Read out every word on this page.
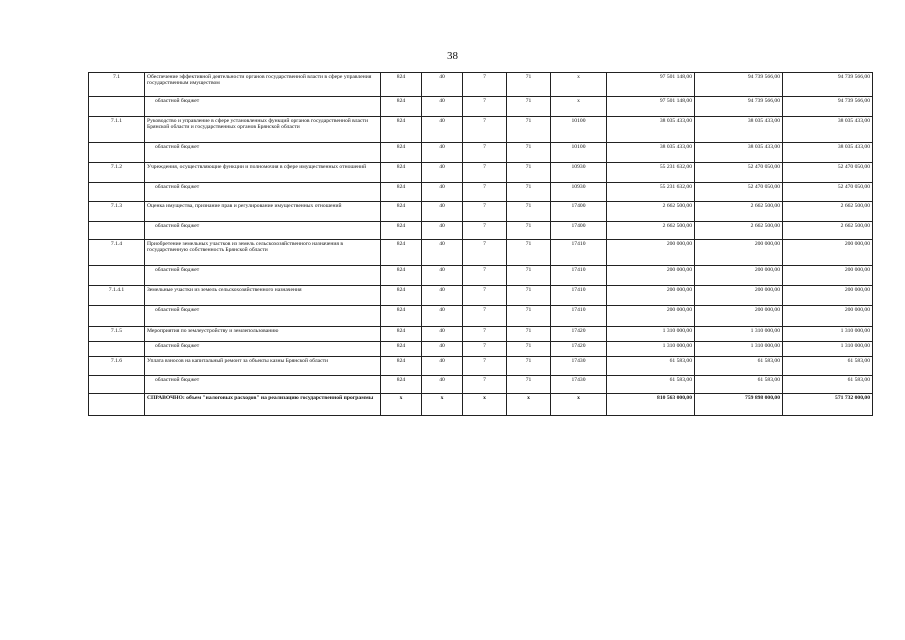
38
7.1	Обеспечение эффективной деятельности органов государственной власти в сфере управления государственным имуществом	824	40	7	71	х	97 501 148,00	94 739 566,00	94 739 566,00
	областной бюджет	824	40	7	71	х	97 501 148,00	94 739 566,00	94 739 566,00
7.1.1	Руководство и управление в сфере установленных функций органов государственной власти Брянской области и государственных органов Брянской области	824	40	7	71	10100	38 035 433,00	38 035 433,00	38 035 433,00
	областной бюджет	824	40	7	71	10100	38 035 433,00	38 035 433,00	38 035 433,00
7.1.2	Учреждения, осуществляющие функции и полномочия в сфере имущественных отношений	824	40	7	71	10930	55 231 632,00	52 470 050,00	52 470 050,00
	областной бюджет	824	40	7	71	10930	55 231 632,00	52 470 050,00	52 470 050,00
7.1.3	Оценка имущества, признание прав и регулирование имущественных отношений	824	40	7	71	17400	2 662 500,00	2 662 500,00	2 662 500,00
	областной бюджет	824	40	7	71	17400	2 662 500,00	2 662 500,00	2 662 500,00
7.1.4	Приобретение земельных участков из земель сельскохозяйственного назначения в государственную собственность Брянской области	824	40	7	71	17410	200 000,00	200 000,00	200 000,00
	областной бюджет	824	40	7	71	17410	200 000,00	200 000,00	200 000,00
7.1.4.1	Земельные участки из земель сельскохозяйственного назначения	824	40	7	71	17410	200 000,00	200 000,00	200 000,00
	областной бюджет	824	40	7	71	17410	200 000,00	200 000,00	200 000,00
7.1.5	Мероприятия по землеустройству и землепользованию	824	40	7	71	17420	1 310 000,00	1 310 000,00	1 310 000,00
	областной бюджет	824	40	7	71	17420	1 310 000,00	1 310 000,00	1 310 000,00
7.1.6	Уплата взносов на капитальный ремонт за объекты казны Брянской области	824	40	7	71	17430	61 583,00	61 583,00	61 583,00
	областной бюджет	824	40	7	71	17430	61 583,00	61 583,00	61 583,00
	СПРАВОЧНО: объем "налоговых расходов" на реализацию государственной программы	х	х	х	х	х	810 563 000,00	759 898 000,00	571 732 000,00
